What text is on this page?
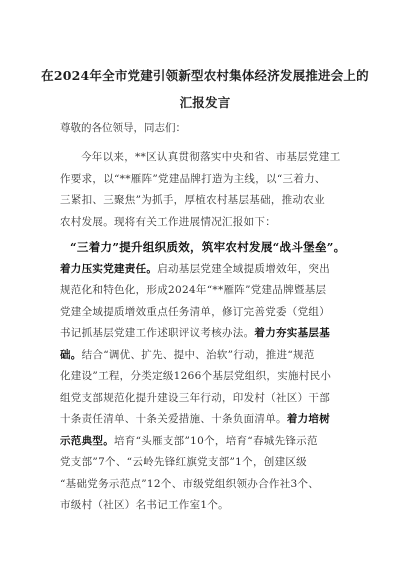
在2024年全市党建引领新型农村集体经济发展推进会上的
汇报发言
尊敬的各位领导，同志们：
今年以来，**区认真贯彻落实中央和省、市基层党建工
作要求，以“**雁阵”党建品牌打造为主线，以“三着力、
三紧扣、三聚焦”为抓手，厚植农村基层基础，推动农业
农村发展。现将有关工作进展情况汇报如下：
“三着力”提升组织质效，筑牢农村发展“战斗堡垒”。
着力压实党建责任。启动基层党建全域提质增效年，突出
规范化和特色化，形成2024年“**雁阵”党建品牌暨基层
党建全域提质增效重点任务清单，修订完善党委（党组）
书记抓基层党建工作述职评议考核办法。着力夯实基层基
础。结合“调优、扩先、提中、治软”行动，推进“规范
化建设”工程，分类定级1266个基层党组织，实施村民小
组党支部规范化提升建设三年行动，印发村（社区）干部
十条责任清单、十条关爱措施、十条负面清单。着力培树
示范典型。培育“头雁支部”10个，培育“春城先锋示范
党支部”7个、“云岭先锋红旗党支部”1个，创建区级
“基础党务示范点”12个、市级党组织领办合作社3个、
市级村（社区）名书记工作室1个。
